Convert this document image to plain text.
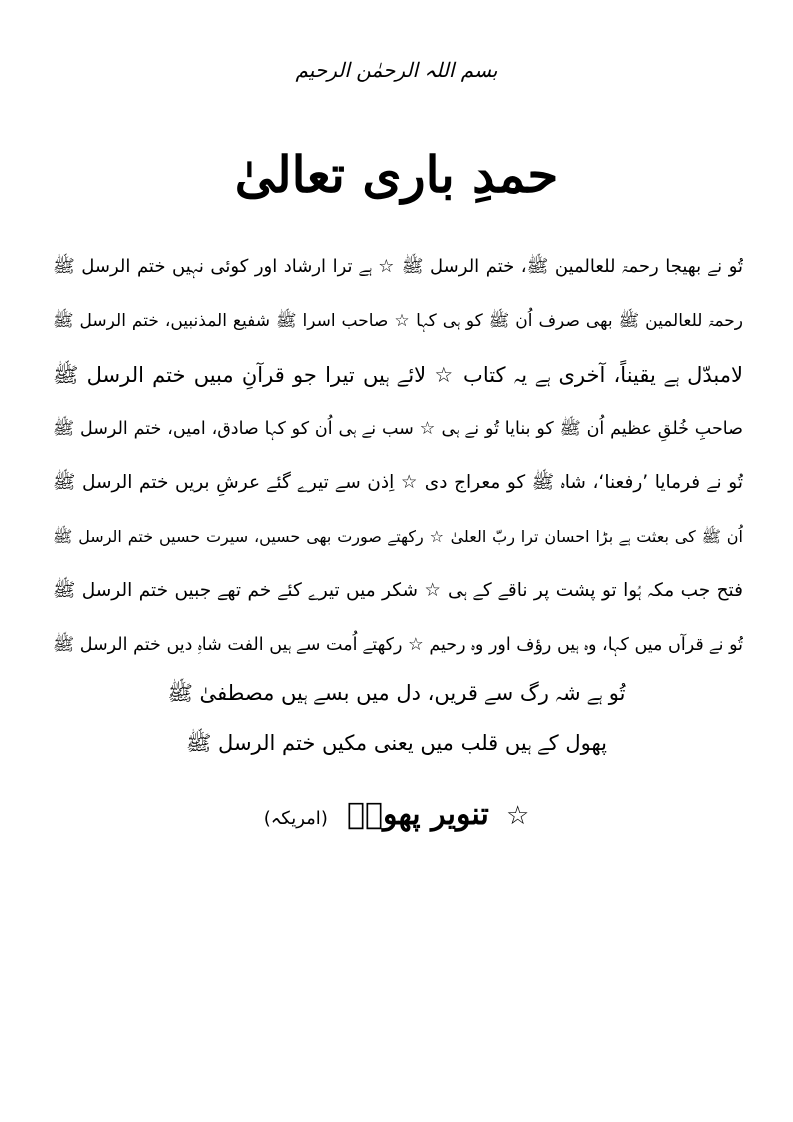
بسم اللہ الرحمٰن الرحیم
حمدِ باری تعالیٰ
تُو نے بھیجا رحمۃ للعالمین ﷺ، ختم الرسل ﷺ ☆ ہے ترا ارشاد اور کوئی نہیں ختم الرسل ﷺ
رحمۃ للعالمین ﷺ بھی صرف اُن ﷺ کو ہی کہا ☆ صاحب اسرا ﷺ شفیع المذنبیں، ختم الرسل ﷺ
لامبدّل ہے یقیناً، آخری ہے یہ کتاب ☆ لائے ہیں تیرا جو قرآنِ مبیں ختم الرسل ﷺ
صاحبِ خُلقِ عظیم اُن ﷺ کو بنایا تُو نے ہی ☆ سب نے ہی اُن کو کہا صادق، امیں، ختم الرسل ﷺ
تُو نے فرمایا ’رفعنا‘، شاہ ﷺ کو معراج دی ☆ اِذن سے تیرے گئے عرشِ بریں ختم الرسل ﷺ
اُن ﷺ کی بعثت ہے بڑا احسان ترا ربّ العلیٰ ☆ رکھتے صورت بھی حسیں، سیرت حسیں ختم الرسل ﷺ
فتح جب مکہ ہُوا تو پشت پر ناقے کے ہی ☆ شکر میں تیرے کئے خم تھے جبیں ختم الرسل ﷺ
تُو نے قرآں میں کہا، وہ ہیں رؤف اور وہ رحیم ☆ رکھتے اُمت سے ہیں الفت شاہِ دیں ختم الرسل ﷺ
تُو ہے شہ رگ سے قریں، دل میں بسے ہیں مصطفیٰ ﷺ
پھول کے ہیں قلب میں یعنی مکیں ختم الرسل ﷺ
☆ تنویر پھولؔ (امریکہ)
